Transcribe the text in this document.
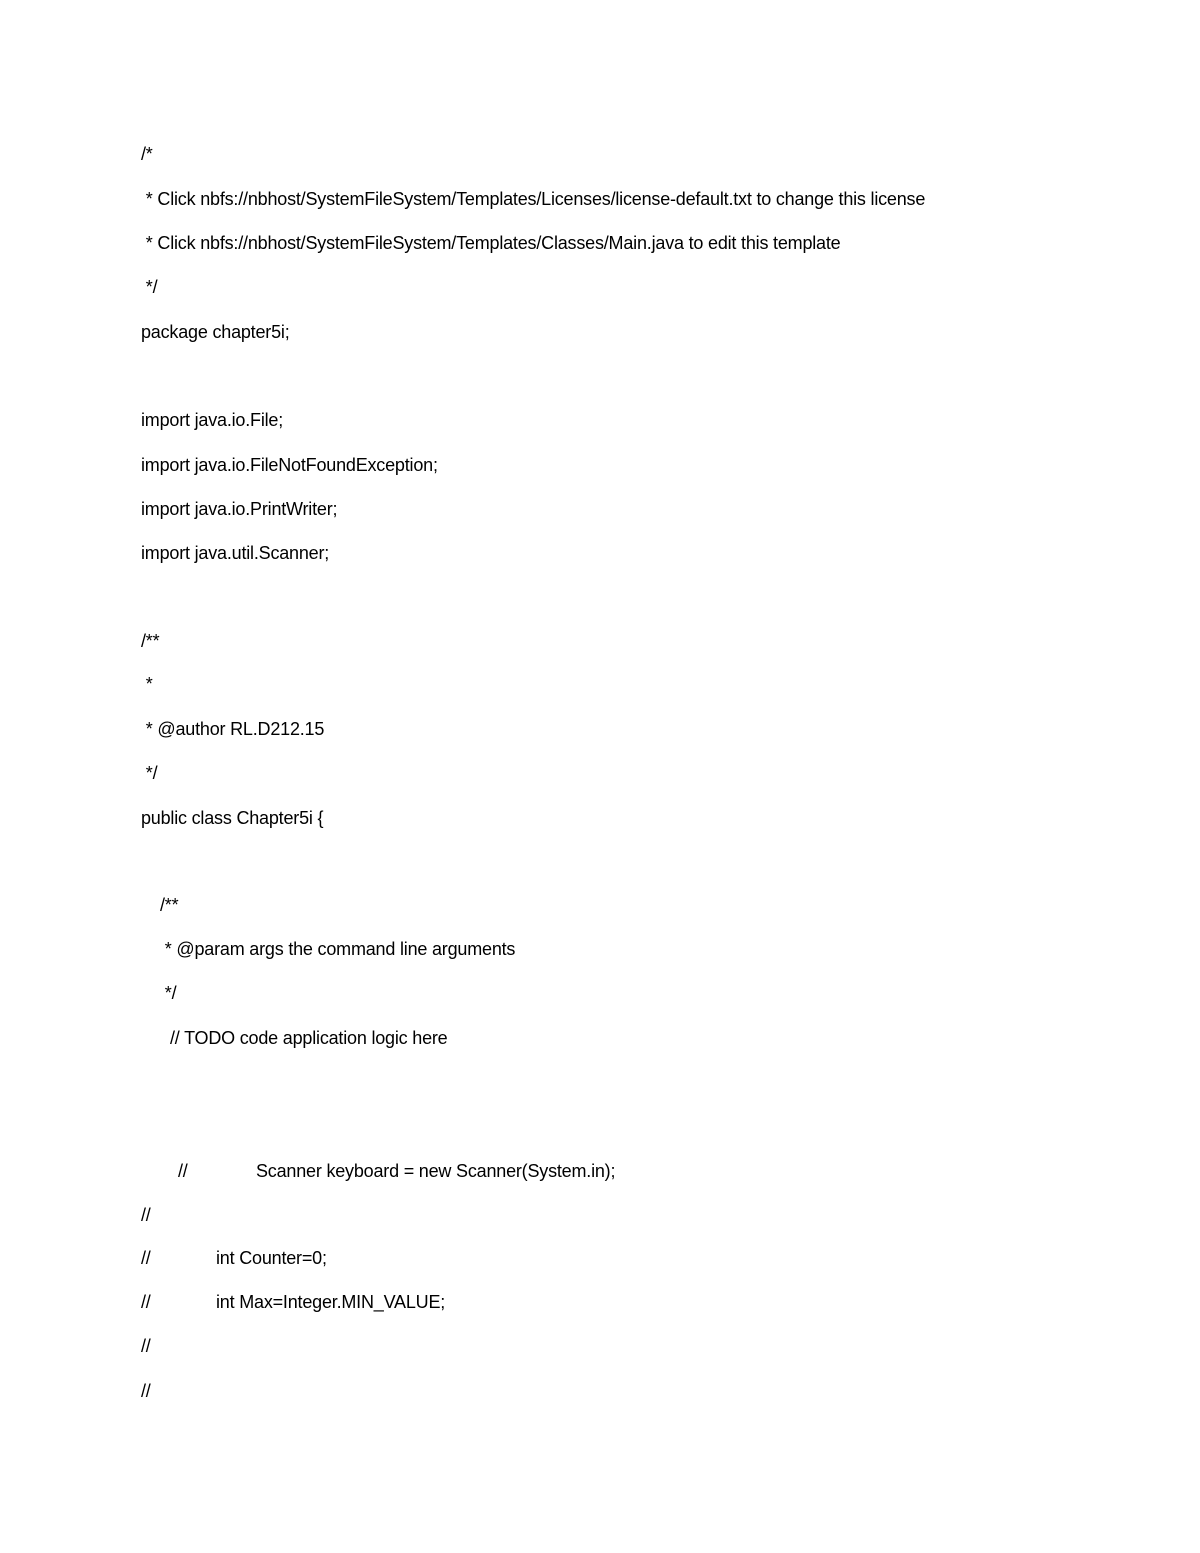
/*
* Click nbfs://nbhost/SystemFileSystem/Templates/Licenses/license-default.txt to change this license
* Click nbfs://nbhost/SystemFileSystem/Templates/Classes/Main.java to edit this template
*/
package chapter5i;
import java.io.File;
import java.io.FileNotFoundException;
import java.io.PrintWriter;
import java.util.Scanner;
/**
*
* @author RL.D212.15
*/
public class Chapter5i {
/**
* @param args the command line arguments
*/
// TODO code application logic here
//	Scanner keyboard = new Scanner(System.in);
//
//	int Counter=0;
//	int Max=Integer.MIN_VALUE;
//
//
